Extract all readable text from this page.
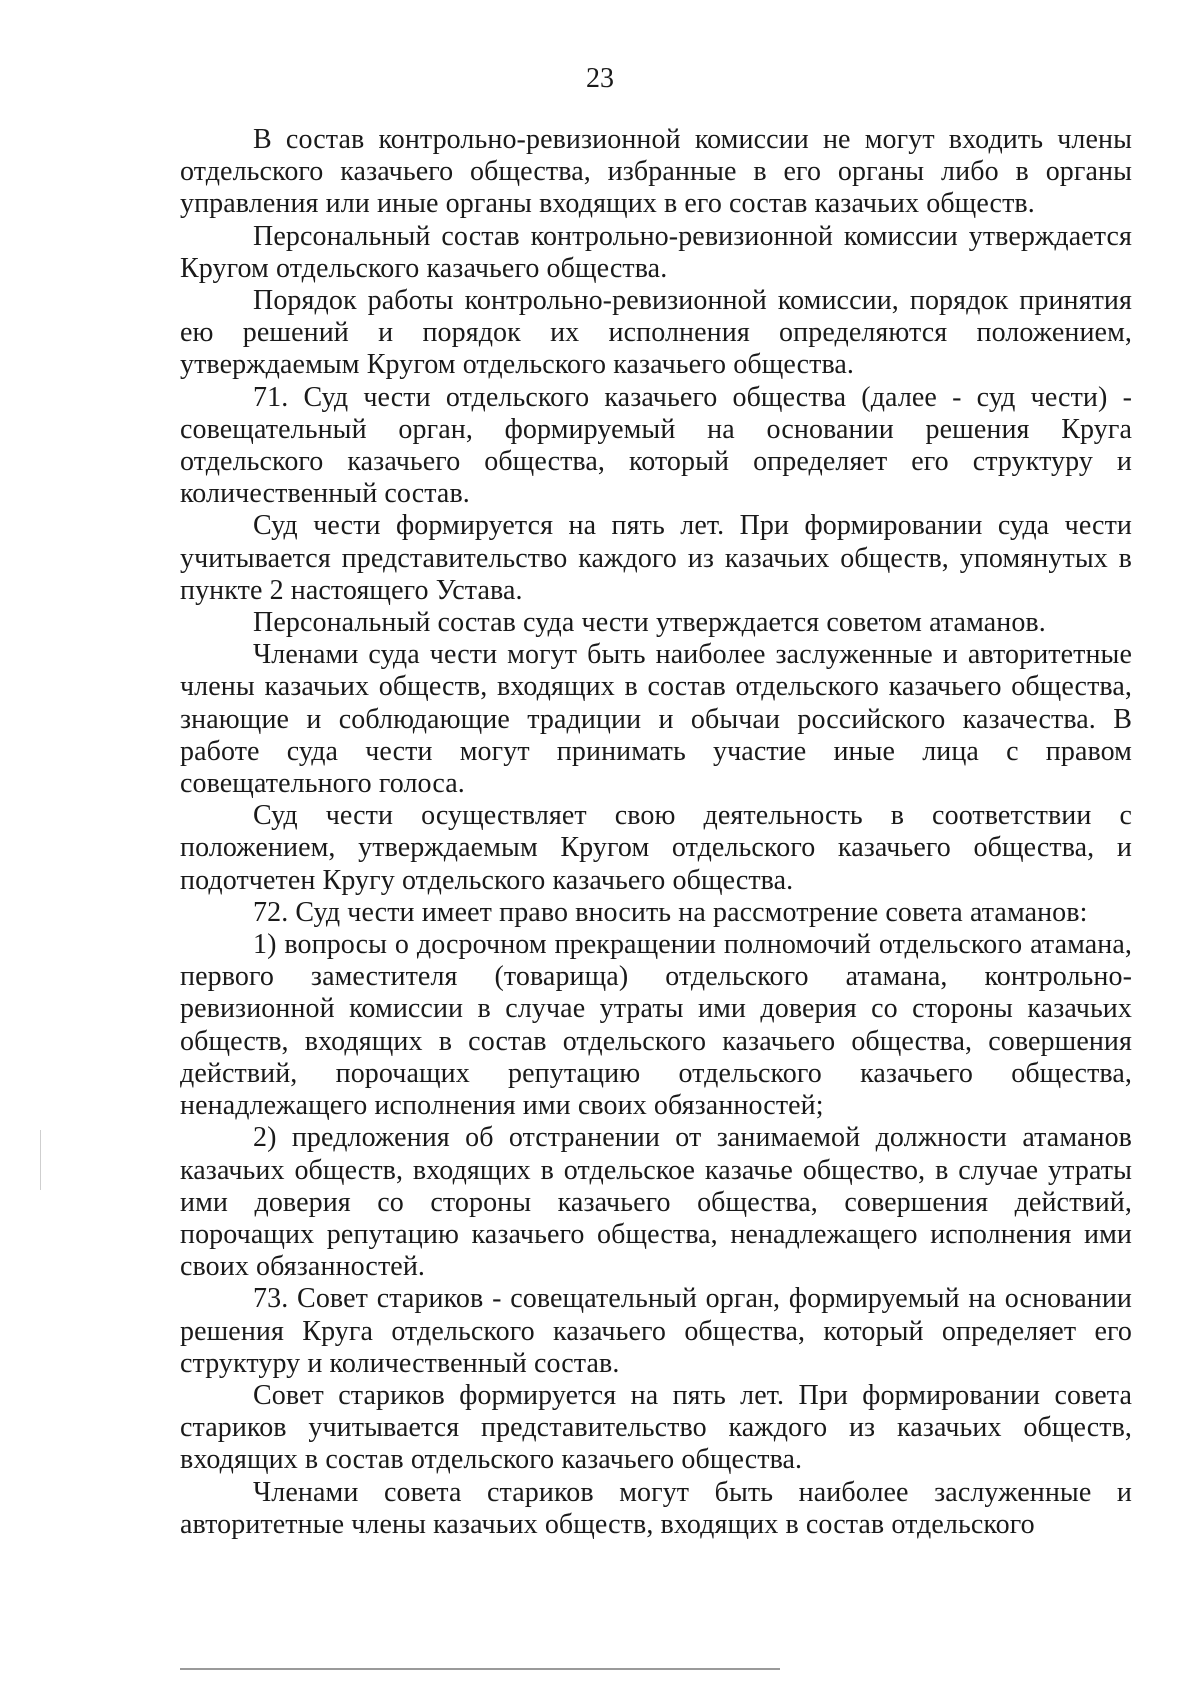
23

В состав контрольно-ревизионной комиссии не могут входить члены отдельского казачьего общества, избранные в его органы либо в органы управления или иные органы входящих в его состав казачьих обществ.

Персональный состав контрольно-ревизионной комиссии утверждается Кругом отдельского казачьего общества.

Порядок работы контрольно-ревизионной комиссии, порядок принятия ею решений и порядок их исполнения определяются положением, утверждаемым Кругом отдельского казачьего общества.

71. Суд чести отдельского казачьего общества (далее - суд чести) - совещательный орган, формируемый на основании решения Круга отдельского казачьего общества, который определяет его структуру и количественный состав.

Суд чести формируется на пять лет. При формировании суда чести учитывается представительство каждого из казачьих обществ, упомянутых в пункте 2 настоящего Устава.

Персональный состав суда чести утверждается советом атаманов.

Членами суда чести могут быть наиболее заслуженные и авторитетные члены казачьих обществ, входящих в состав отдельского казачьего общества, знающие и соблюдающие традиции и обычаи российского казачества. В работе суда чести могут принимать участие иные лица с правом совещательного голоса.

Суд чести осуществляет свою деятельность в соответствии с положением, утверждаемым Кругом отдельского казачьего общества, и подотчетен Кругу отдельского казачьего общества.

72. Суд чести имеет право вносить на рассмотрение совета атаманов:

1) вопросы о досрочном прекращении полномочий отдельского атамана, первого заместителя (товарища) отдельского атамана, контрольно-ревизионной комиссии в случае утраты ими доверия со стороны казачьих обществ, входящих в состав отдельского казачьего общества, совершения действий, порочащих репутацию отдельского казачьего общества, ненадлежащего исполнения ими своих обязанностей;

2) предложения об отстранении от занимаемой должности атаманов казачьих обществ, входящих в отдельское казачье общество, в случае утраты ими доверия со стороны казачьего общества, совершения действий, порочащих репутацию казачьего общества, ненадлежащего исполнения ими своих обязанностей.

73. Совет стариков - совещательный орган, формируемый на основании решения Круга отдельского казачьего общества, который определяет его структуру и количественный состав.

Совет стариков формируется на пять лет. При формировании совета стариков учитывается представительство каждого из казачьих обществ, входящих в состав отдельского казачьего общества.

Членами совета стариков могут быть наиболее заслуженные и авторитетные члены казачьих обществ, входящих в состав отдельского
